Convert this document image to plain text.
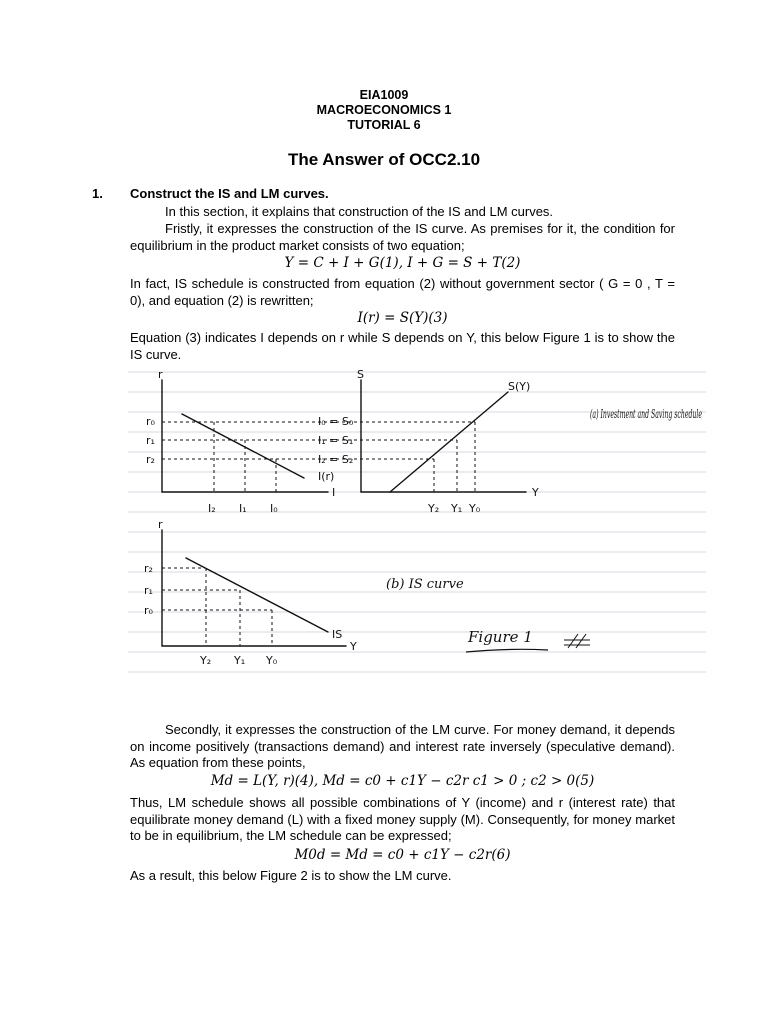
EIA1009
MACROECONOMICS 1
TUTORIAL 6
The Answer of OCC2.10
1. Construct the IS and LM curves.
In this section, it explains that construction of the IS and LM curves.
Fristly, it expresses the construction of the IS curve. As premises for it, the condition for equilibrium in the product market consists of two equation;
Y = C + I + G(1), I + G = S + T(2)
In fact, IS schedule is constructed from equation (2) without government sector ( G = 0 , T = 0), and equation (2) is rewritten;
I(r) = S(Y)(3)
Equation (3) indicates I depends on r while S depends on Y, this below Figure 1 is to show the IS curve.
r
r₀
r₁
r₂
I
I₂ I₁ I₀
I(r)
S
I₀ = S₀
I₁ = S₁
I₂ = S₂
S(Y)
Y
Y₂ Y₁ Y₀
(a) Investment and Saving schedule
r
r₂
r₁
r₀
IS
Y
Y₂ Y₁ Y₀
(b) IS curve
Figure 1
Secondly, it expresses the construction of the LM curve. For money demand, it depends on income positively (transactions demand) and interest rate inversely (speculative demand). As equation from these points,
Md = L(Y, r)(4), Md = c0 + c1Y − c2r c1 > 0 ; c2 > 0(5)
Thus, LM schedule shows all possible combinations of Y (income) and r (interest rate) that equilibrate money demand (L) with a fixed money supply (M). Consequently, for money market to be in equilibrium, the LM schedule can be expressed;
M0d = Md = c0 + c1Y − c2r(6)
As a result, this below Figure 2 is to show the LM curve.
